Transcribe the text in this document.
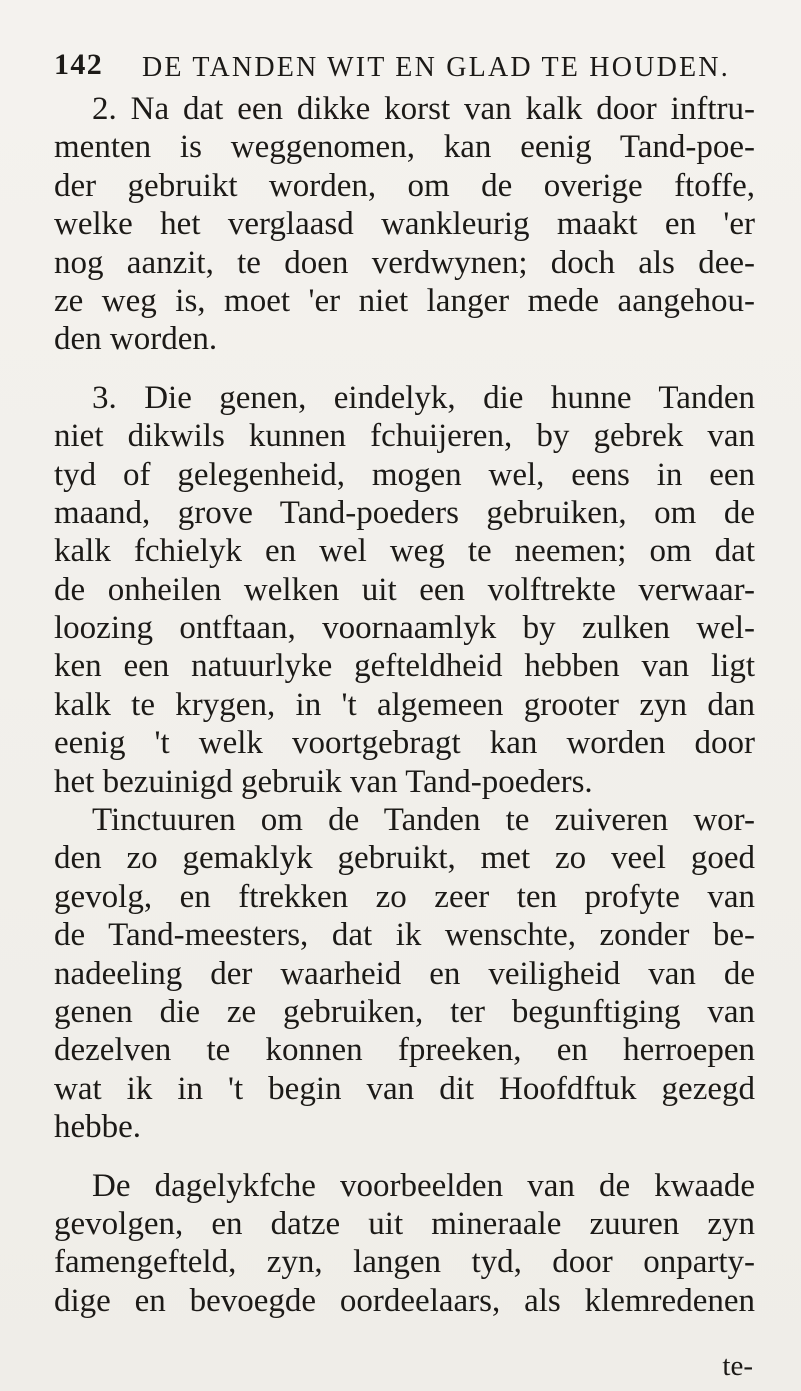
142 DE TANDEN WIT EN GLAD TE HOUDEN.
2. Na dat een dikke korst van kalk door inftru-
menten is weggenomen, kan eenig Tand-poe-
der gebruikt worden, om de overige ftoffe,
welke het verglaasd wankleurig maakt en 'er
nog aanzit, te doen verdwynen; doch als dee-
ze weg is, moet 'er niet langer mede aangehou-
den worden.
3. Die genen, eindelyk, die hunne Tanden
niet dikwils kunnen fchuijeren, by gebrek van
tyd of gelegenheid, mogen wel, eens in een
maand, grove Tand-poeders gebruiken, om de
kalk fchielyk en wel weg te neemen; om dat
de onheilen welken uit een volftrekte verwaar-
loozing ontftaan, voornaamlyk by zulken wel-
ken een natuurlyke gefteldheid hebben van ligt
kalk te krygen, in 't algemeen grooter zyn dan
eenig 't welk voortgebragt kan worden door
het bezuinigd gebruik van Tand-poeders.
Tinctuuren om de Tanden te zuiveren wor-
den zo gemaklyk gebruikt, met zo veel goed
gevolg, en ftrekken zo zeer ten profyte van
de Tand-meesters, dat ik wenschte, zonder be-
nadeeling der waarheid en veiligheid van de
genen die ze gebruiken, ter begunftiging van
dezelven te konnen fpreeken, en herroepen
wat ik in 't begin van dit Hoofdftuk gezegd
hebbe.
De dagelykfche voorbeelden van de kwaade
gevolgen, en datze uit mineraale zuuren zyn
famengefteld, zyn, langen tyd, door onparty-
dige en bevoegde oordeelaars, als klemredenen
te-
